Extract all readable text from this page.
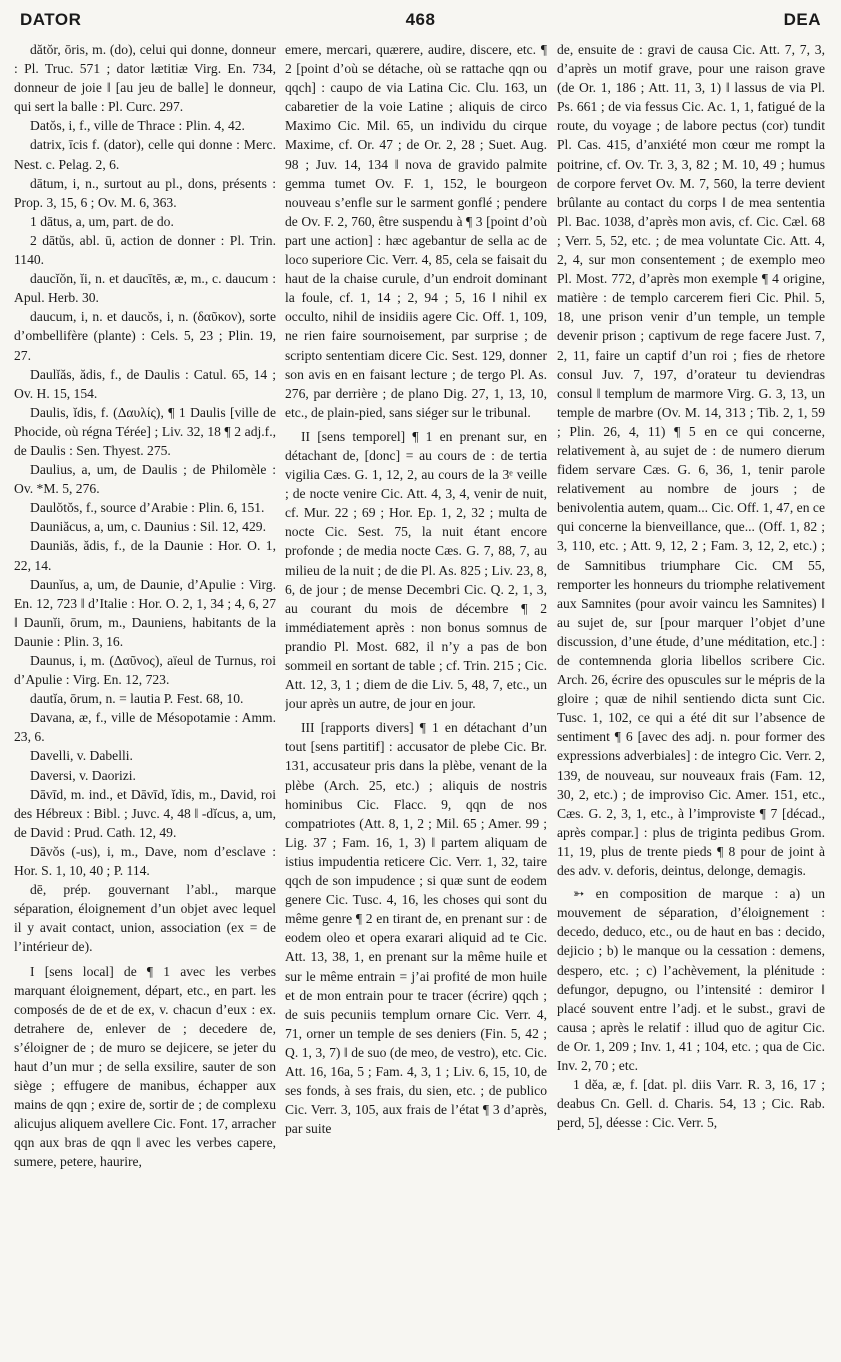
DATOR	468	DEA

dătŏr, ōris, m. (do), celui qui donne, donneur : Pl. Truc. 571 ; dator lætitiæ Virg. En. 734, donneur de joie ‖ [au jeu de balle] le donneur, qui sert la balle : Pl. Curc. 297.

Datŏs, i, f., ville de Thrace : Plin. 4, 42.

datrix, īcis f. (dator), celle qui donne : Merc. Nest. c. Pelag. 2, 6.

dātum, i, n., surtout au pl., dons, présents : Prop. 3, 15, 6 ; Ov. M. 6, 363.

1 dātus, a, um, part. de do.

2 dātŭs, abl. ū, action de donner : Pl. Trin. 1140.

daucĭŏn, ĭi, n. et daucītēs, æ, m., c. daucum : Apul. Herb. 30.

daucum, i, n. et daucŏs, i, n. (δαῦκον), sorte d’ombellifère (plante) : Cels. 5, 23 ; Plin. 19, 27.

Daulĭăs, ădis, f., de Daulis : Catul. 65, 14 ; Ov. H. 15, 154.

Daulis, ĭdis, f. (Δαυλίς), ¶ 1 Daulis [ville de Phocide, où régna Térée] ; Liv. 32, 18 ¶ 2 adj.f., de Daulis : Sen. Thyest. 275.

Daulius, a, um, de Daulis ; de Philomèle : Ov. *M. 5, 276.

Daulŏtŏs, f., source d’Arabie : Plin. 6, 151.

Dauniăcus, a, um, c. Daunius : Sil. 12, 429.

Dauniăs, ădis, f., de la Daunie : Hor. O. 1, 22, 14.

Daunĭus, a, um, de Daunie, d’Apulie : Virg. En. 12, 723 ‖ d’Italie : Hor. O. 2, 1, 34 ; 4, 6, 27 ‖ Daunĭi, ōrum, m., Dauniens, habitants de la Daunie : Plin. 3, 16.

Daunus, i, m. (Δαῦνος), aïeul de Turnus, roi d’Apulie : Virg. En. 12, 723.

dautĭa, ōrum, n. = lautia P. Fest. 68, 10.

Davana, æ, f., ville de Mésopotamie : Amm. 23, 6.

Davelli, v. Dabelli.

Daversi, v. Daorizi.

Dāvīd, m. ind., et Dāvīd, ĭdis, m., David, roi des Hébreux : Bibl. ; Juvc. 4, 48 ‖ -dĭcus, a, um, de David : Prud. Cath. 12, 49.

Dāvŏs (-us), i, m., Dave, nom d’esclave : Hor. S. 1, 10, 40 ; P. 114.

dē, prép. gouvernant l’abl., marque séparation, éloignement d’un objet avec lequel il y avait contact, union, association (ex = de l’intérieur de).

I [sens local] de ¶ 1 avec les verbes marquant éloignement, départ, etc., en part. les composés de de et de ex, v. chacun d’eux : ex. detrahere de, enlever de ; decedere de, s’éloigner de ; de muro se dejicere, se jeter du haut d’un mur ; de sella exsilire, sauter de son siège ; effugere de manibus, échapper aux mains de qqn ; exire de, sortir de ; de complexu alicujus aliquem avellere Cic. Font. 17, arracher qqn aux bras de qqn ‖ avec les verbes capere, sumere, petere, haurire,

emere, mercari, quærere, audire, discere, etc. ¶ 2 [point d’où se détache, où se rattache qqn ou qqch] : caupo de via Latina Cic. Clu. 163, un cabaretier de la voie Latine ; aliquis de circo Maximo Cic. Mil. 65, un individu du cirque Maxime, cf. Or. 47 ; de Or. 2, 28 ; Suet. Aug. 98 ; Juv. 14, 134 ‖ nova de gravido palmite gemma tumet Ov. F. 1, 152, le bourgeon nouveau s’enfle sur le sarment gonflé ; pendere de Ov. F. 2, 760, être suspendu à ¶ 3 [point d’où part une action] : hæc agebantur de sella ac de loco superiore Cic. Verr. 4, 85, cela se faisait du haut de la chaise curule, d’un endroit dominant la foule, cf. 1, 14 ; 2, 94 ; 5, 16 ‖ nihil ex occulto, nihil de insidiis agere Cic. Off. 1, 109, ne rien faire sournoisement, par surprise ; de scripto sententiam dicere Cic. Sest. 129, donner son avis en en faisant lecture ; de tergo Pl. As. 276, par derrière ; de plano Dig. 27, 1, 13, 10, etc., de plain-pied, sans siéger sur le tribunal.

II [sens temporel] ¶ 1 en prenant sur, en détachant de, [donc] = au cours de : de tertia vigilia Cæs. G. 1, 12, 2, au cours de la 3ᵉ veille ; de nocte venire Cic. Att. 4, 3, 4, venir de nuit, cf. Mur. 22 ; 69 ; Hor. Ep. 1, 2, 32 ; multa de nocte Cic. Sest. 75, la nuit étant encore profonde ; de media nocte Cæs. G. 7, 88, 7, au milieu de la nuit ; de die Pl. As. 825 ; Liv. 23, 8, 6, de jour ; de mense Decembri Cic. Q. 2, 1, 3, au courant du mois de décembre ¶ 2 immédiatement après : non bonus somnus de prandio Pl. Most. 682, il n’y a pas de bon sommeil en sortant de table ; cf. Trin. 215 ; Cic. Att. 12, 3, 1 ; diem de die Liv. 5, 48, 7, etc., un jour après un autre, de jour en jour.

III [rapports divers] ¶ 1 en détachant d’un tout [sens partitif] : accusator de plebe Cic. Br. 131, accusateur pris dans la plèbe, venant de la plèbe (Arch. 25, etc.) ; aliquis de nostris hominibus Cic. Flacc. 9, qqn de nos compatriotes (Att. 8, 1, 2 ; Mil. 65 ; Amer. 99 ; Lig. 37 ; Fam. 16, 1, 3) ‖ partem aliquam de istius impudentia reticere Cic. Verr. 1, 32, taire qqch de son impudence ; si quæ sunt de eodem genere Cic. Tusc. 4, 16, les choses qui sont du même genre ¶ 2 en tirant de, en prenant sur : de eodem oleo et opera exarari aliquid ad te Cic. Att. 13, 38, 1, en prenant sur la même huile et sur le même entrain = j’ai profité de mon huile et de mon entrain pour te tracer (écrire) qqch ; de suis pecuniis templum ornare Cic. Verr. 4, 71, orner un temple de ses deniers (Fin. 5, 42 ; Q. 1, 3, 7) ‖ de suo (de meo, de vestro), etc. Cic. Att. 16, 16a, 5 ; Fam. 4, 3, 1 ; Liv. 6, 15, 10, de ses fonds, à ses frais, du sien, etc. ; de publico Cic. Verr. 3, 105, aux frais de l’état ¶ 3 d’après, par suite

de, ensuite de : gravi de causa Cic. Att. 7, 7, 3, d’après un motif grave, pour une raison grave (de Or. 1, 186 ; Att. 11, 3, 1) ‖ lassus de via Pl. Ps. 661 ; de via fessus Cic. Ac. 1, 1, fatigué de la route, du voyage ; de labore pectus (cor) tundit Pl. Cas. 415, d’anxiété mon cœur me rompt la poitrine, cf. Ov. Tr. 3, 3, 82 ; M. 10, 49 ; humus de corpore fervet Ov. M. 7, 560, la terre devient brûlante au contact du corps ‖ de mea sententia Pl. Bac. 1038, d’après mon avis, cf. Cic. Cæl. 68 ; Verr. 5, 52, etc. ; de mea voluntate Cic. Att. 4, 2, 4, sur mon consentement ; de exemplo meo Pl. Most. 772, d’après mon exemple ¶ 4 origine, matière : de templo carcerem fieri Cic. Phil. 5, 18, une prison venir d’un temple, un temple devenir prison ; captivum de rege facere Just. 7, 2, 11, faire un captif d’un roi ; fies de rhetore consul Juv. 7, 197, d’orateur tu deviendras consul ‖ templum de marmore Virg. G. 3, 13, un temple de marbre (Ov. M. 14, 313 ; Tib. 2, 1, 59 ; Plin. 26, 4, 11) ¶ 5 en ce qui concerne, relativement à, au sujet de : de numero dierum fidem servare Cæs. G. 6, 36, 1, tenir parole relativement au nombre de jours ; de benivolentia autem, quam... Cic. Off. 1, 47, en ce qui concerne la bienveillance, que... (Off. 1, 82 ; 3, 110, etc. ; Att. 9, 12, 2 ; Fam. 3, 12, 2, etc.) ; de Samnitibus triumphare Cic. CM 55, remporter les honneurs du triomphe relativement aux Samnites (pour avoir vaincu les Samnites) ‖ au sujet de, sur [pour marquer l’objet d’une discussion, d’une étude, d’une méditation, etc.] : de contemnenda gloria libellos scribere Cic. Arch. 26, écrire des opuscules sur le mépris de la gloire ; quæ de nihil sentiendo dicta sunt Cic. Tusc. 1, 102, ce qui a été dit sur l’absence de sentiment ¶ 6 [avec des adj. n. pour former des expressions adverbiales] : de integro Cic. Verr. 2, 139, de nouveau, sur nouveaux frais (Fam. 12, 30, 2, etc.) ; de improviso Cic. Amer. 151, etc., Cæs. G. 2, 3, 1, etc., à l’improviste ¶ 7 [décad., après compar.] : plus de triginta pedibus Grom. 11, 19, plus de trente pieds ¶ 8 pour de joint à des adv. v. deforis, deintus, delonge, demagis.

➳ en composition de marque : a) un mouvement de séparation, d’éloignement : decedo, deduco, etc., ou de haut en bas : decido, dejicio ; b) le manque ou la cessation : demens, despero, etc. ; c) l’achèvement, la plénitude : defungor, depugno, ou l’intensité : demiror ‖ placé souvent entre l’adj. et le subst., gravi de causa ; après le relatif : illud quo de agitur Cic. de Or. 1, 209 ; Inv. 1, 41 ; 104, etc. ; qua de Cic. Inv. 2, 70 ; etc.

1 dĕa, æ, f. [dat. pl. diis Varr. R. 3, 16, 17 ; deabus Cn. Gell. d. Charis. 54, 13 ; Cic. Rab. perd, 5], déesse : Cic. Verr. 5,
